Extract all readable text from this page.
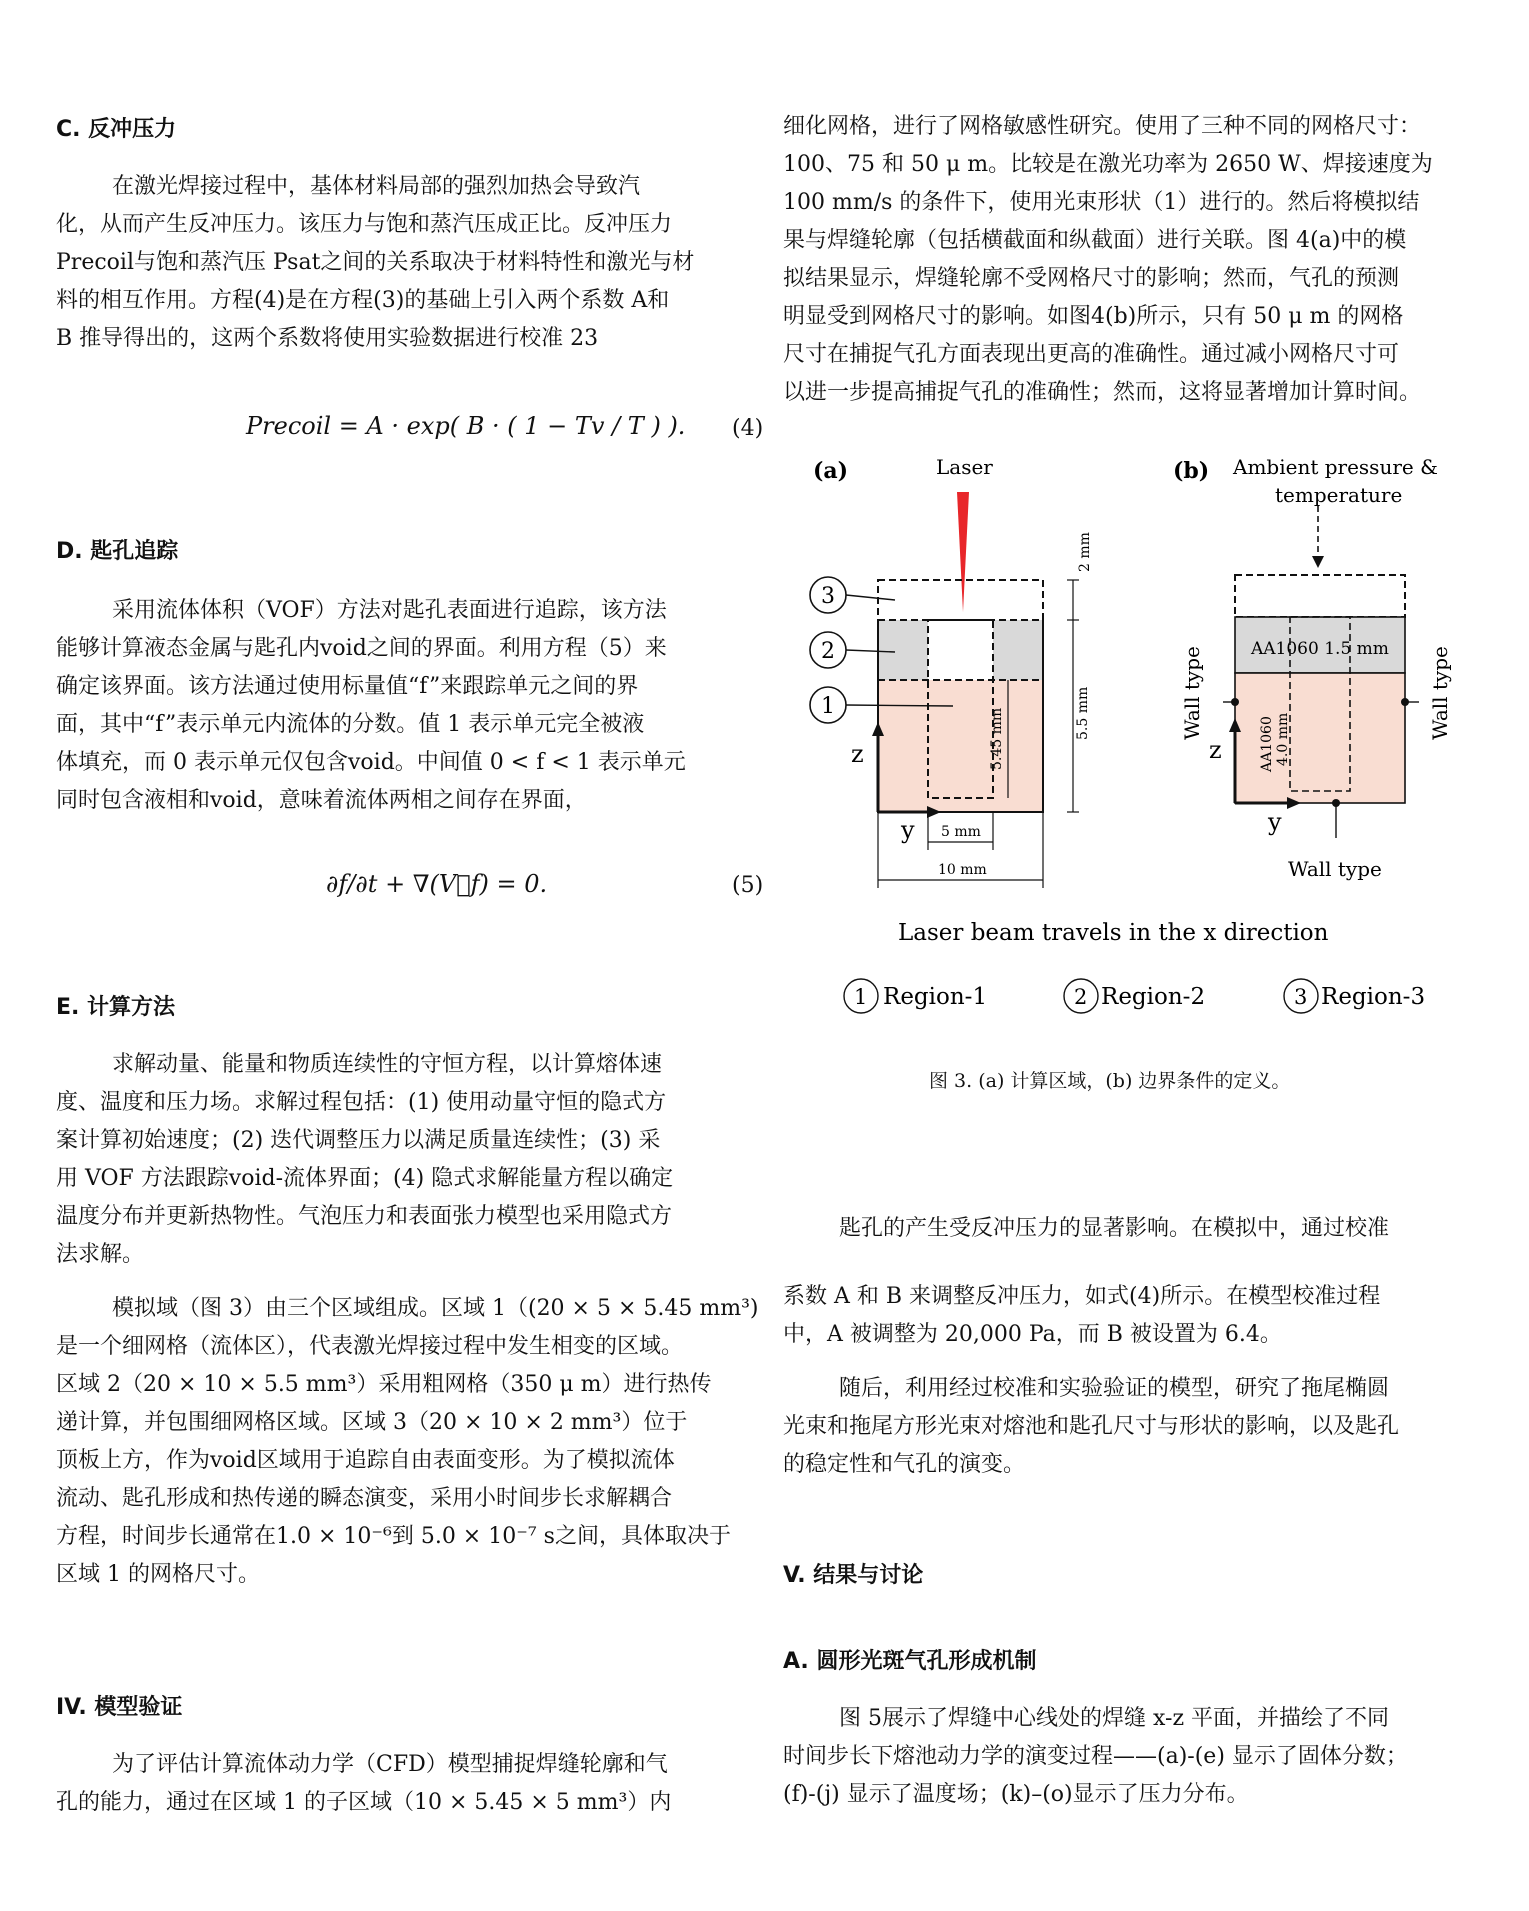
C. 反冲压力
在激光焊接过程中，基体材料局部的强烈加热会导致汽
化，从而产生反冲压力。该压力与饱和蒸汽压成正比。反冲压力
Precoil与饱和蒸汽压 Psat之间的关系取决于材料特性和激光与材
料的相互作用。方程(4)是在方程(3)的基础上引入两个系数 A和
B 推导得出的，这两个系数将使用实验数据进行校准 23
Precoil = A · exp( B · ( 1 − Tv / T ) ). (4)
D. 匙孔追踪
采用流体体积（VOF）方法对匙孔表面进行追踪，该方法
能够计算液态金属与匙孔内void之间的界面。利用方程（5）来
确定该界面。该方法通过使用标量值“f”来跟踪单元之间的界
面，其中“f”表示单元内流体的分数。值 1 表示单元完全被液
体填充，而 0 表示单元仅包含void。中间值 0 < f < 1 表示单元
同时包含液相和void，意味着流体两相之间存在界面，
∂f/∂t + ∇(V⃗f) = 0.	(5)
E. 计算方法
求解动量、能量和物质连续性的守恒方程，以计算熔体速
度、温度和压力场。求解过程包括：(1) 使用动量守恒的隐式方
案计算初始速度；(2) 迭代调整压力以满足质量连续性；(3) 采
用 VOF 方法跟踪void-流体界面；(4) 隐式求解能量方程以确定
温度分布并更新热物性。气泡压力和表面张力模型也采用隐式方
法求解。
模拟域（图 3）由三个区域组成。区域 1（(20 × 5 × 5.45 mm³)
是一个细网格（流体区），代表激光焊接过程中发生相变的区域。
区域 2（20 × 10 × 5.5 mm³）采用粗网格（350 μ m）进行热传
递计算，并包围细网格区域。区域 3（20 × 10 × 2 mm³）位于
顶板上方，作为void区域用于追踪自由表面变形。为了模拟流体
流动、匙孔形成和热传递的瞬态演变，采用小时间步长求解耦合
方程，时间步长通常在1.0 × 10⁻⁶到 5.0 × 10⁻⁷ s之间，具体取决于
区域 1 的网格尺寸。
IV. 模型验证
为了评估计算流体动力学（CFD）模型捕捉焊缝轮廓和气
孔的能力，通过在区域 1 的子区域（10 × 5.45 × 5 mm³）内
细化网格，进行了网格敏感性研究。使用了三种不同的网格尺寸：
100、75 和 50 μ m。比较是在激光功率为 2650 W、焊接速度为
100 mm/s 的条件下，使用光束形状（1）进行的。然后将模拟结
果与焊缝轮廓（包括横截面和纵截面）进行关联。图 4(a)中的模
拟结果显示，焊缝轮廓不受网格尺寸的影响；然而，气孔的预测
明显受到网格尺寸的影响。如图4(b)所示，只有 50 μ m 的网格
尺寸在捕捉气孔方面表现出更高的准确性。通过减小网格尺寸可
以进一步提高捕捉气孔的准确性；然而，这将显著增加计算时间。
(a)	(b)
Laser	Ambient pressure &
temperature
3
2
1
z
y
2 mm
5.5 mm
5.45 mm
5 mm
10 mm
AA1060 1.5 mm
AA1060 4.0 mm
z
y
Wall type	Wall type
Wall type
Laser beam travels in the x direction
1 Region-1	2 Region-2	3 Region-3
图 3. (a) 计算区域，(b) 边界条件的定义。
匙孔的产生受反冲压力的显著影响。在模拟中，通过校准
系数 A 和 B 来调整反冲压力，如式(4)所示。在模型校准过程
中，A 被调整为 20,000 Pa，而 B 被设置为 6.4。
随后，利用经过校准和实验验证的模型，研究了拖尾椭圆
光束和拖尾方形光束对熔池和匙孔尺寸与形状的影响，以及匙孔
的稳定性和气孔的演变。
V. 结果与讨论
A. 圆形光斑气孔形成机制
图 5展示了焊缝中心线处的焊缝 x-z 平面，并描绘了不同
时间步长下熔池动力学的演变过程——(a)-(e) 显示了固体分数；
(f)-(j) 显示了温度场；(k)–(o)显示了压力分布。
